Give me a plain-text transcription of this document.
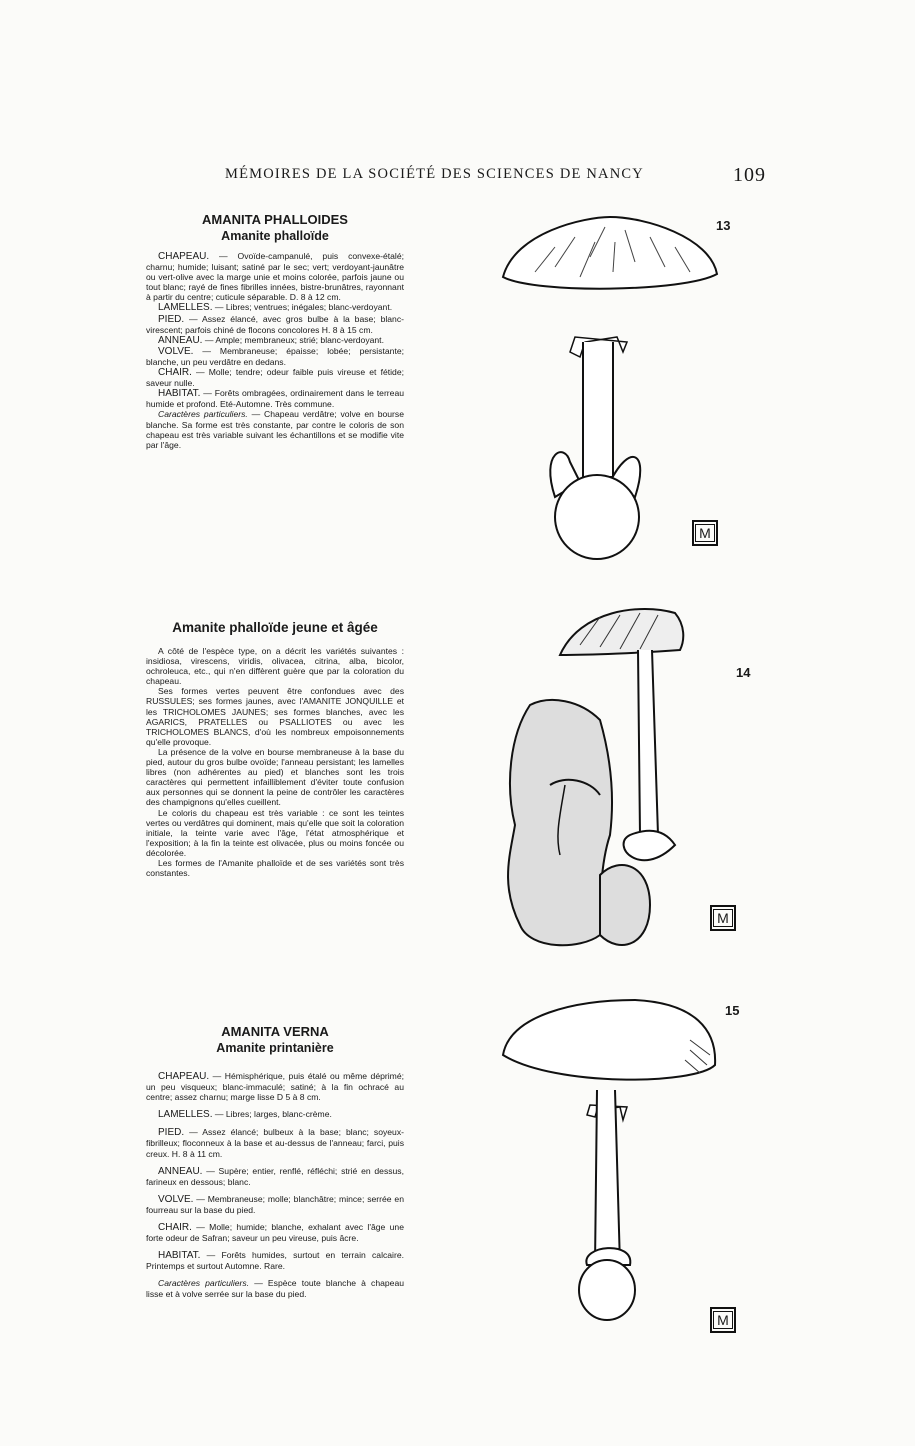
MÉMOIRES DE LA SOCIÉTÉ DES SCIENCES DE NANCY	109
AMANITA PHALLOIDES
Amanite phalloïde

CHAPEAU. — Ovoïde-campanulé, puis convexe-étalé; charnu; humide; luisant; satiné par le sec; vert; verdoyant-jaunâtre ou vert-olive avec la marge unie et moins colorée, parfois jaune ou tout blanc; rayé de fines fibrilles innées, bistre-brunâtres, rayonnant à partir du centre; cuticule séparable. D. 8 à 12 cm.

LAMELLES. — Libres; ventrues; inégales; blanc-verdoyant.

PIED. — Assez élancé, avec gros bulbe à la base; blanc-virescent; parfois chiné de flocons concolores H. 8 à 15 cm.

ANNEAU. — Ample; membraneux; strié; blanc-verdoyant.

VOLVE. — Membraneuse; épaisse; lobée; persistante; blanche, un peu verdâtre en dedans.

CHAIR. — Molle; tendre; odeur faible puis vireuse et fétide; saveur nulle.

HABITAT. — Forêts ombragées, ordinairement dans le terreau humide et profond. Eté-Automne. Très commune.

Caractères particuliers. — Chapeau verdâtre; volve en bourse blanche. Sa forme est très constante, par contre le coloris de son chapeau est très variable suivant les échantillons et se modifie vite par l'âge.

Amanite phalloïde jeune et âgée

A côté de l'espèce type, on a décrit les variétés suivantes : insidiosa, virescens, viridis, olivacea, citrina, alba, bicolor, ochroleuca, etc., qui n'en diffèrent guère que par la coloration du chapeau.

Ses formes vertes peuvent être confondues avec des RUSSULES; ses formes jaunes, avec l'AMANITE JONQUILLE et les TRICHOLOMES JAUNES; ses formes blanches, avec les AGARICS, PRATELLES ou PSALLIOTES ou avec les TRICHOLOMES BLANCS, d'où les nombreux empoisonnements qu'elle provoque.

La présence de la volve en bourse membraneuse à la base du pied, autour du gros bulbe ovoïde; l'anneau persistant; les lamelles libres (non adhérentes au pied) et blanches sont les trois caractères qui permettent infailliblement d'éviter toute confusion aux personnes qui se donnent la peine de contrôler les caractères des champignons qu'elles cueillent.

Le coloris du chapeau est très variable : ce sont les teintes vertes ou verdâtres qui dominent, mais qu'elle que soit la coloration initiale, la teinte varie avec l'âge, l'état atmosphérique et l'exposition; à la fin la teinte est olivacée, plus ou moins foncée ou décolorée.

Les formes de l'Amanite phalloïde et de ses variétés sont très constantes.

AMANITA VERNA
Amanite printanière

CHAPEAU. — Hémisphérique, puis étalé ou même déprimé; un peu visqueux; blanc-immaculé; satiné; à la fin ochracé au centre; assez charnu; marge lisse D 5 à 8 cm.

LAMELLES. — Libres; larges, blanc-crème.

PIED. — Assez élancé; bulbeux à la base; blanc; soyeux-fibrilleux; floconneux à la base et au-dessus de l'anneau; farci, puis creux. H. 8 à 11 cm.

ANNEAU. — Supère; entier, renflé, réfléchi; strié en dessus, farineux en dessous; blanc.

VOLVE. — Membraneuse; molle; blanchâtre; mince; serrée en fourreau sur la base du pied.

CHAIR. — Molle; humide; blanche, exhalant avec l'âge une forte odeur de Safran; saveur un peu vireuse, puis âcre.

HABITAT. — Forêts humides, surtout en terrain calcaire. Printemps et surtout Automne. Rare.

Caractères particuliers. — Espèce toute blanche à chapeau lisse et à volve serrée sur la base du pied.

13
M
14
M
15
M
